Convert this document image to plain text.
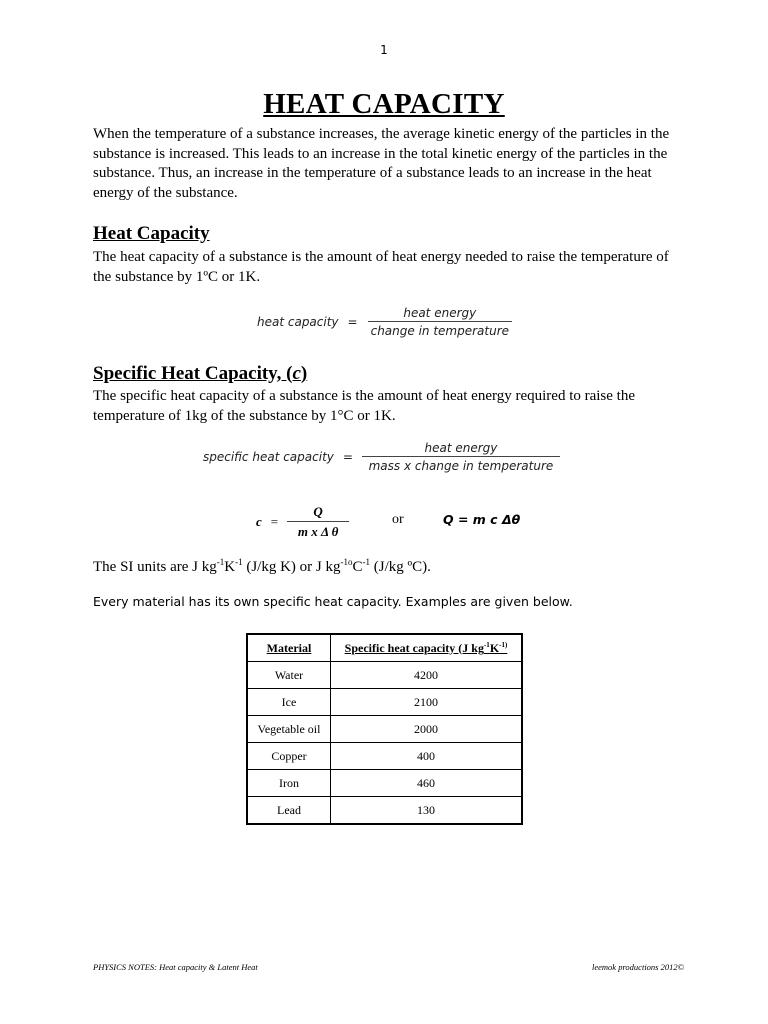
1
HEAT CAPACITY
When the temperature of a substance increases, the average kinetic energy of the particles in the substance is increased. This leads to an increase in the total kinetic energy of the particles in the substance. Thus, an increase in the temperature of a substance leads to an increase in the heat energy of the substance.
Heat Capacity
The heat capacity of a substance is the amount of heat energy needed to raise the temperature of the substance by 1ºC or 1K.
heat capacity = $\frac{\text{heat energy}}{\text{change in temperature}}$
Specific Heat Capacity, (c)
The specific heat capacity of a substance is the amount of heat energy required to raise the temperature of 1kg of the substance by 1°C or 1K.
specific heat capacity = $\frac{\text{heat energy}}{\text{mass x change in temperature}}$
$c = \frac{Q}{\text{m x Δ θ}}$	or	Q = m c Δθ
The SI units are J $kg^{-1}K^{-1}$ (J/kg K) or J $kg^{-1o}C^{-1}$ (J/kg ºC).
Every material has its own specific heat capacity. Examples are given below.
Material	Specific heat capacity (J $kg^{-1}K^{-1)}$
Water	4200
Ice	2100
Vegetable oil	2000
Copper	400
Iron	460
Lead	130
PHYSICS NOTES: Heat capacity & Latent Heat	leemok productions 2012©
